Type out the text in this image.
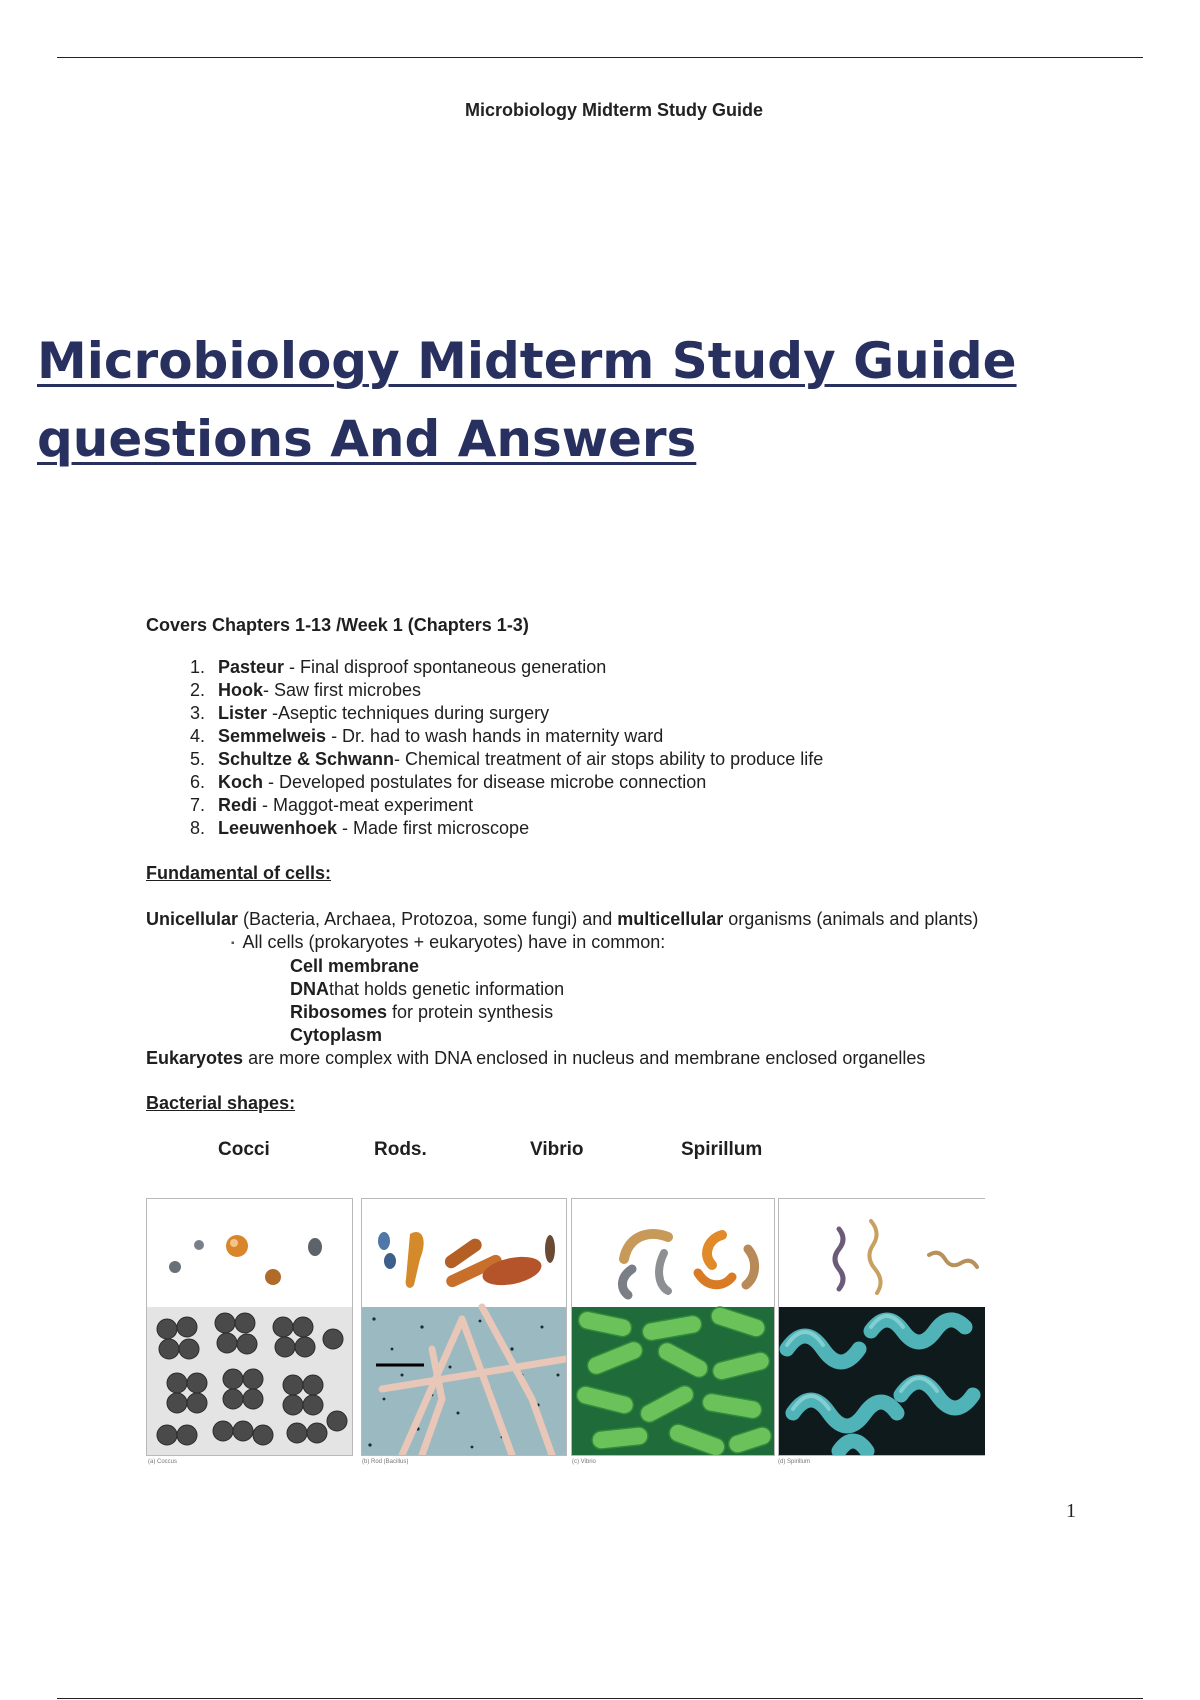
Microbiology Midterm Study Guide
Microbiology Midterm Study Guide
questions And Answers

Covers Chapters 1-13 /Week 1 (Chapters 1-3)

1. Pasteur - Final disproof spontaneous generation
2. Hook- Saw first microbes
3. Lister -Aseptic techniques during surgery
4. Semmelweis - Dr. had to wash hands in maternity ward
5. Schultze & Schwann- Chemical treatment of air stops ability to produce life
6. Koch - Developed postulates for disease microbe connection
7. Redi - Maggot-meat experiment
8. Leeuwenhoek - Made first microscope

Fundamental of cells:

Unicellular (Bacteria, Archaea, Protozoa, some fungi) and multicellular organisms (animals and plants)

▪ All cells (prokaryotes + eukaryotes) have in common:

Cell membrane

DNAthat holds genetic information

Ribosomes for protein synthesis

Cytoplasm

Eukaryotes are more complex with DNA enclosed in nucleus and membrane enclosed organelles

Bacterial shapes:

Cocci	Rods.	Vibrio	Spirillum
(a) Coccus	(b) Rod (Bacillus)	(c) Vibrio	(d) Spirillum
1
